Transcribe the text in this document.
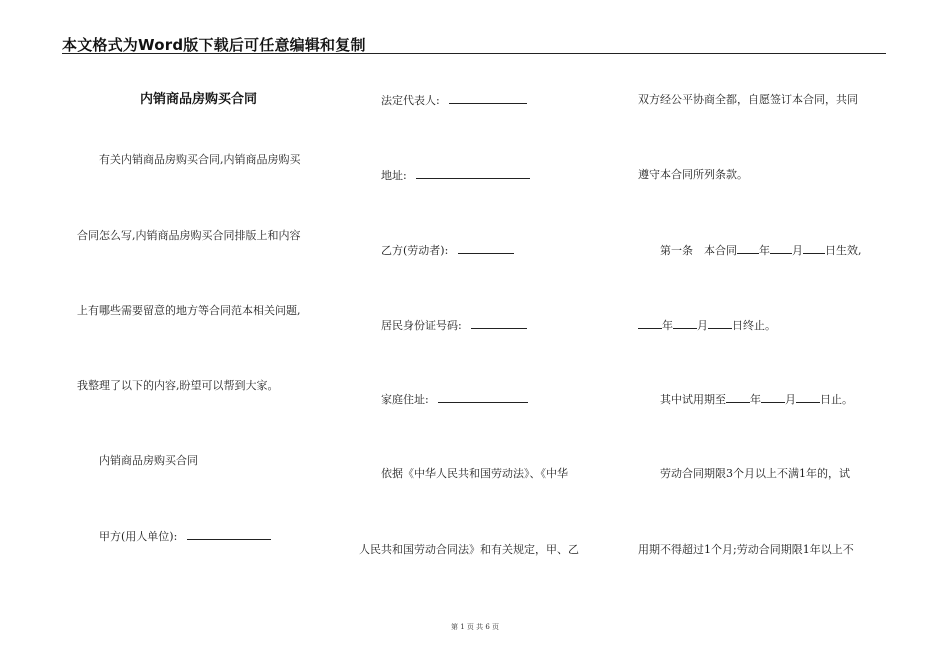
本文格式为Word版下载后可任意编辑和复制
内销商品房购买合同
有关内销商品房购买合同,内销商品房购买
合同怎么写,内销商品房购买合同排版上和内容
上有哪些需要留意的地方等合同范本相关问题,
我整理了以下的内容,盼望可以帮到大家。
内销商品房购买合同
甲方(用人单位):
法定代表人:
地址:
乙方(劳动者):
居民身份证号码:
家庭住址:
依据《中华人民共和国劳动法》、《中华
人民共和国劳动合同法》和有关规定，甲、乙
双方经公平协商全都，自愿签订本合同，共同
遵守本合同所列条款。
第一条　本合同 年 月 日生效,
年 月 日终止。
其中试用期至 年 月 日止。
劳动合同期限3个月以上不满1年的，试
用期不得超过1个月;劳动合同期限1年以上不
第 1 页 共 6 页
